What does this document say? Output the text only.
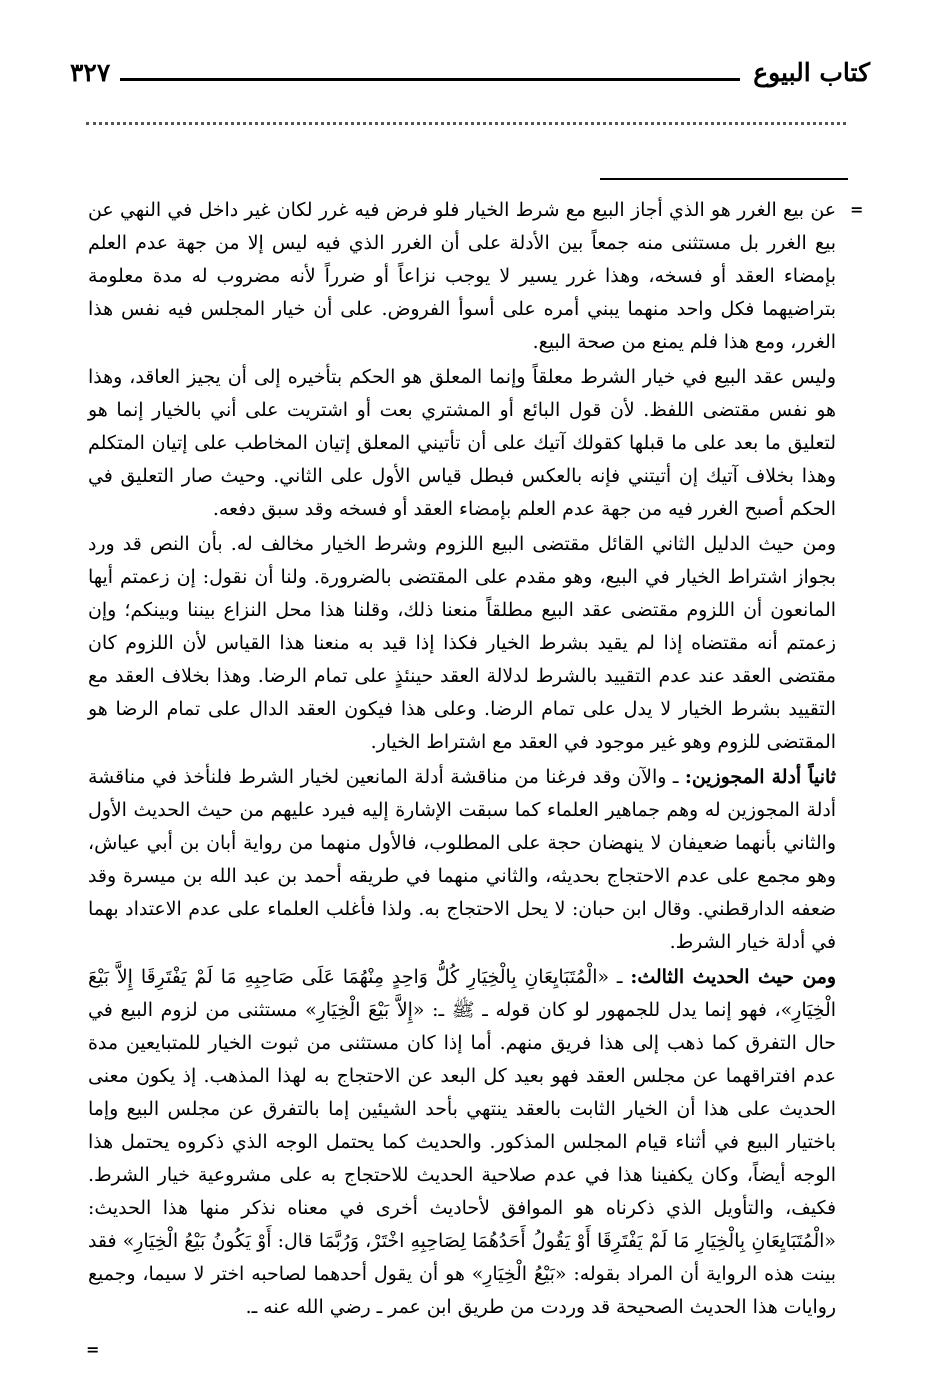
كتاب البيوع
٣٢٧
=

عن بيع الغرر هو الذي أجاز البيع مع شرط الخيار فلو فرض فيه غرر لكان غير داخل في النهي عن بيع الغرر بل مستثنى منه جمعاً بين الأدلة على أن الغرر الذي فيه ليس إلا من جهة عدم العلم بإمضاء العقد أو فسخه، وهذا غرر يسير لا يوجب نزاعاً أو ضرراً لأنه مضروب له مدة معلومة بتراضيهما فكل واحد منهما يبني أمره على أسوأ الفروض. على أن خيار المجلس فيه نفس هذا الغرر، ومع هذا فلم يمنع من صحة البيع.

وليس عقد البيع في خيار الشرط معلقاً وإنما المعلق هو الحكم بتأخيره إلى أن يجيز العاقد، وهذا هو نفس مقتضى اللفظ. لأن قول البائع أو المشتري بعت أو اشتريت على أني بالخيار إنما هو لتعليق ما بعد على ما قبلها كقولك آتيك على أن تأتيني المعلق إتيان المخاطب على إتيان المتكلم وهذا بخلاف آتيك إن أتيتني فإنه بالعكس فبطل قياس الأول على الثاني. وحيث صار التعليق في الحكم أصبح الغرر فيه من جهة عدم العلم بإمضاء العقد أو فسخه وقد سبق دفعه.

ومن حيث الدليل الثاني القائل مقتضى البيع اللزوم وشرط الخيار مخالف له. بأن النص قد ورد بجواز اشتراط الخيار في البيع، وهو مقدم على المقتضى بالضرورة. ولنا أن نقول: إن زعمتم أيها المانعون أن اللزوم مقتضى عقد البيع مطلقاً منعنا ذلك، وقلنا هذا محل النزاع بيننا وبينكم؛ وإن زعمتم أنه مقتضاه إذا لم يقيد بشرط الخيار فكذا إذا قيد به منعنا هذا القياس لأن اللزوم كان مقتضى العقد عند عدم التقييد بالشرط لدلالة العقد حينئذٍ على تمام الرضا. وهذا بخلاف العقد مع التقييد بشرط الخيار لا يدل على تمام الرضا. وعلى هذا فيكون العقد الدال على تمام الرضا هو المقتضى للزوم وهو غير موجود في العقد مع اشتراط الخيار.

ثانياً أدلة المجوزين: ـ والآن وقد فرغنا من مناقشة أدلة المانعين لخيار الشرط فلنأخذ في مناقشة أدلة المجوزين له وهم جماهير العلماء كما سبقت الإشارة إليه فيرد عليهم من حيث الحديث الأول والثاني بأنهما ضعيفان لا ينهضان حجة على المطلوب، فالأول منهما من رواية أبان بن أبي عياش، وهو مجمع على عدم الاحتجاج بحديثه، والثاني منهما في طريقه أحمد بن عبد الله بن ميسرة وقد ضعفه الدارقطني. وقال ابن حبان: لا يحل الاحتجاج به. ولذا فأغلب العلماء على عدم الاعتداد بهما في أدلة خيار الشرط.

ومن حيث الحديث الثالث: ـ «الْمُتَبَايِعَانِ بِالْخِيَارِ كُلُّ وَاحِدٍ مِنْهُمَا عَلَى صَاحِبِهِ مَا لَمْ يَفْتَرِقَا إِلاَّ بَيْعَ الْخِيَارِ»، فهو إنما يدل للجمهور لو كان قوله ـ ﷺ ـ: «إِلاَّ بَيْعَ الْخِيَارِ» مستثنى من لزوم البيع في حال التفرق كما ذهب إلى هذا فريق منهم. أما إذا كان مستثنى من ثبوت الخيار للمتبايعين مدة عدم افتراقهما عن مجلس العقد فهو بعيد كل البعد عن الاحتجاج به لهذا المذهب. إذ يكون معنى الحديث على هذا أن الخيار الثابت بالعقد ينتهي بأحد الشيئين إما بالتفرق عن مجلس البيع وإما باختيار البيع في أثناء قيام المجلس المذكور. والحديث كما يحتمل الوجه الذي ذكروه يحتمل هذا الوجه أيضاً، وكان يكفينا هذا في عدم صلاحية الحديث للاحتجاج به على مشروعية خيار الشرط. فكيف، والتأويل الذي ذكرناه هو الموافق لأحاديث أخرى في معناه نذكر منها هذا الحديث: «الْمُتَبَايِعَانِ بِالْخِيَارِ مَا لَمْ يَفْتَرِقَا أَوْ يَقُولُ أَحَدُهُمَا لِصَاحِبِهِ اخْتَرْ، وَرُبَّمَا قال: أَوْ يَكُونُ بَيْعُ الْخِيَارِ» فقد بينت هذه الرواية أن المراد بقوله: «بَيْعُ الْخِيَارِ» هو أن يقول أحدهما لصاحبه اختر لا سيما، وجميع روايات هذا الحديث الصحيحة قد وردت من طريق ابن عمر ـ رضي الله عنه ـ.

=
